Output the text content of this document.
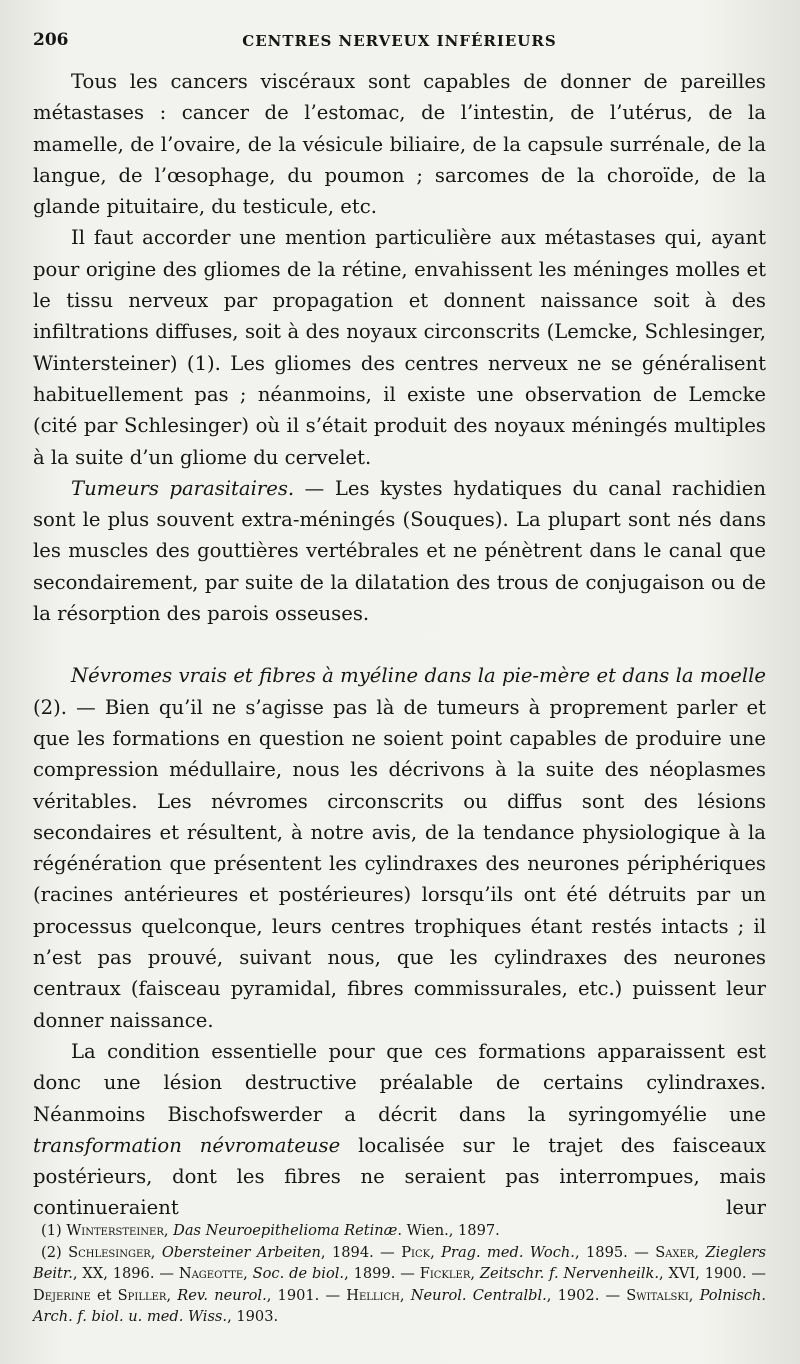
206	CENTRES NERVEUX INFÉRIEURS

Tous les cancers viscéraux sont capables de donner de pareilles métastases : cancer de l’estomac, de l’intestin, de l’utérus, de la mamelle, de l’ovaire, de la vésicule biliaire, de la capsule surrénale, de la langue, de l’œsophage, du poumon ; sarcomes de la choroïde, de la glande pituitaire, du testicule, etc.

Il faut accorder une mention particulière aux métastases qui, ayant pour origine des gliomes de la rétine, envahissent les méninges molles et le tissu nerveux par propagation et donnent naissance soit à des infiltrations diffuses, soit à des noyaux circonscrits (Lemcke, Schlesinger, Wintersteiner) (1). Les gliomes des centres nerveux ne se généralisent habituellement pas ; néanmoins, il existe une observation de Lemcke (cité par Schlesinger) où il s’était produit des noyaux méningés multiples à la suite d’un gliome du cervelet.

Tumeurs parasitaires. — Les kystes hydatiques du canal rachidien sont le plus souvent extra-méningés (Souques). La plupart sont nés dans les muscles des gouttières vertébrales et ne pénètrent dans le canal que secondairement, par suite de la dilatation des trous de conjugaison ou de la résorption des parois osseuses.

Névromes vrais et fibres à myéline dans la pie-mère et dans la moelle (2). — Bien qu’il ne s’agisse pas là de tumeurs à proprement parler et que les formations en question ne soient point capables de produire une compression médullaire, nous les décrivons à la suite des néoplasmes véritables. Les névromes circonscrits ou diffus sont des lésions secondaires et résultent, à notre avis, de la tendance physiologique à la régénération que présentent les cylindraxes des neurones périphériques (racines antérieures et postérieures) lorsqu’ils ont été détruits par un processus quelconque, leurs centres trophiques étant restés intacts ; il n’est pas prouvé, suivant nous, que les cylindraxes des neurones centraux (faisceau pyramidal, fibres commissurales, etc.) puissent leur donner naissance.

La condition essentielle pour que ces formations apparaissent est donc une lésion destructive préalable de certains cylindraxes. Néanmoins Bischofswerder a décrit dans la syringomyélie une transformation névromateuse localisée sur le trajet des faisceaux postérieurs, dont les fibres ne seraient pas interrompues, mais continueraient leur

(1) Wintersteiner, Das Neuroepithelioma Retinæ. Wien., 1897.

(2) Schlesinger, Obersteiner Arbeiten, 1894. — Pick, Prag. med. Woch., 1895. — Saxer, Zieglers Beitr., XX, 1896. — Nageotte, Soc. de biol., 1899. — Fickler, Zeitschr. f. Nervenheilk., XVI, 1900. — Dejerine et Spiller, Rev. neurol., 1901. — Hellich, Neurol. Centralbl., 1902. — Switalski, Polnisch. Arch. f. biol. u. med. Wiss., 1903.
